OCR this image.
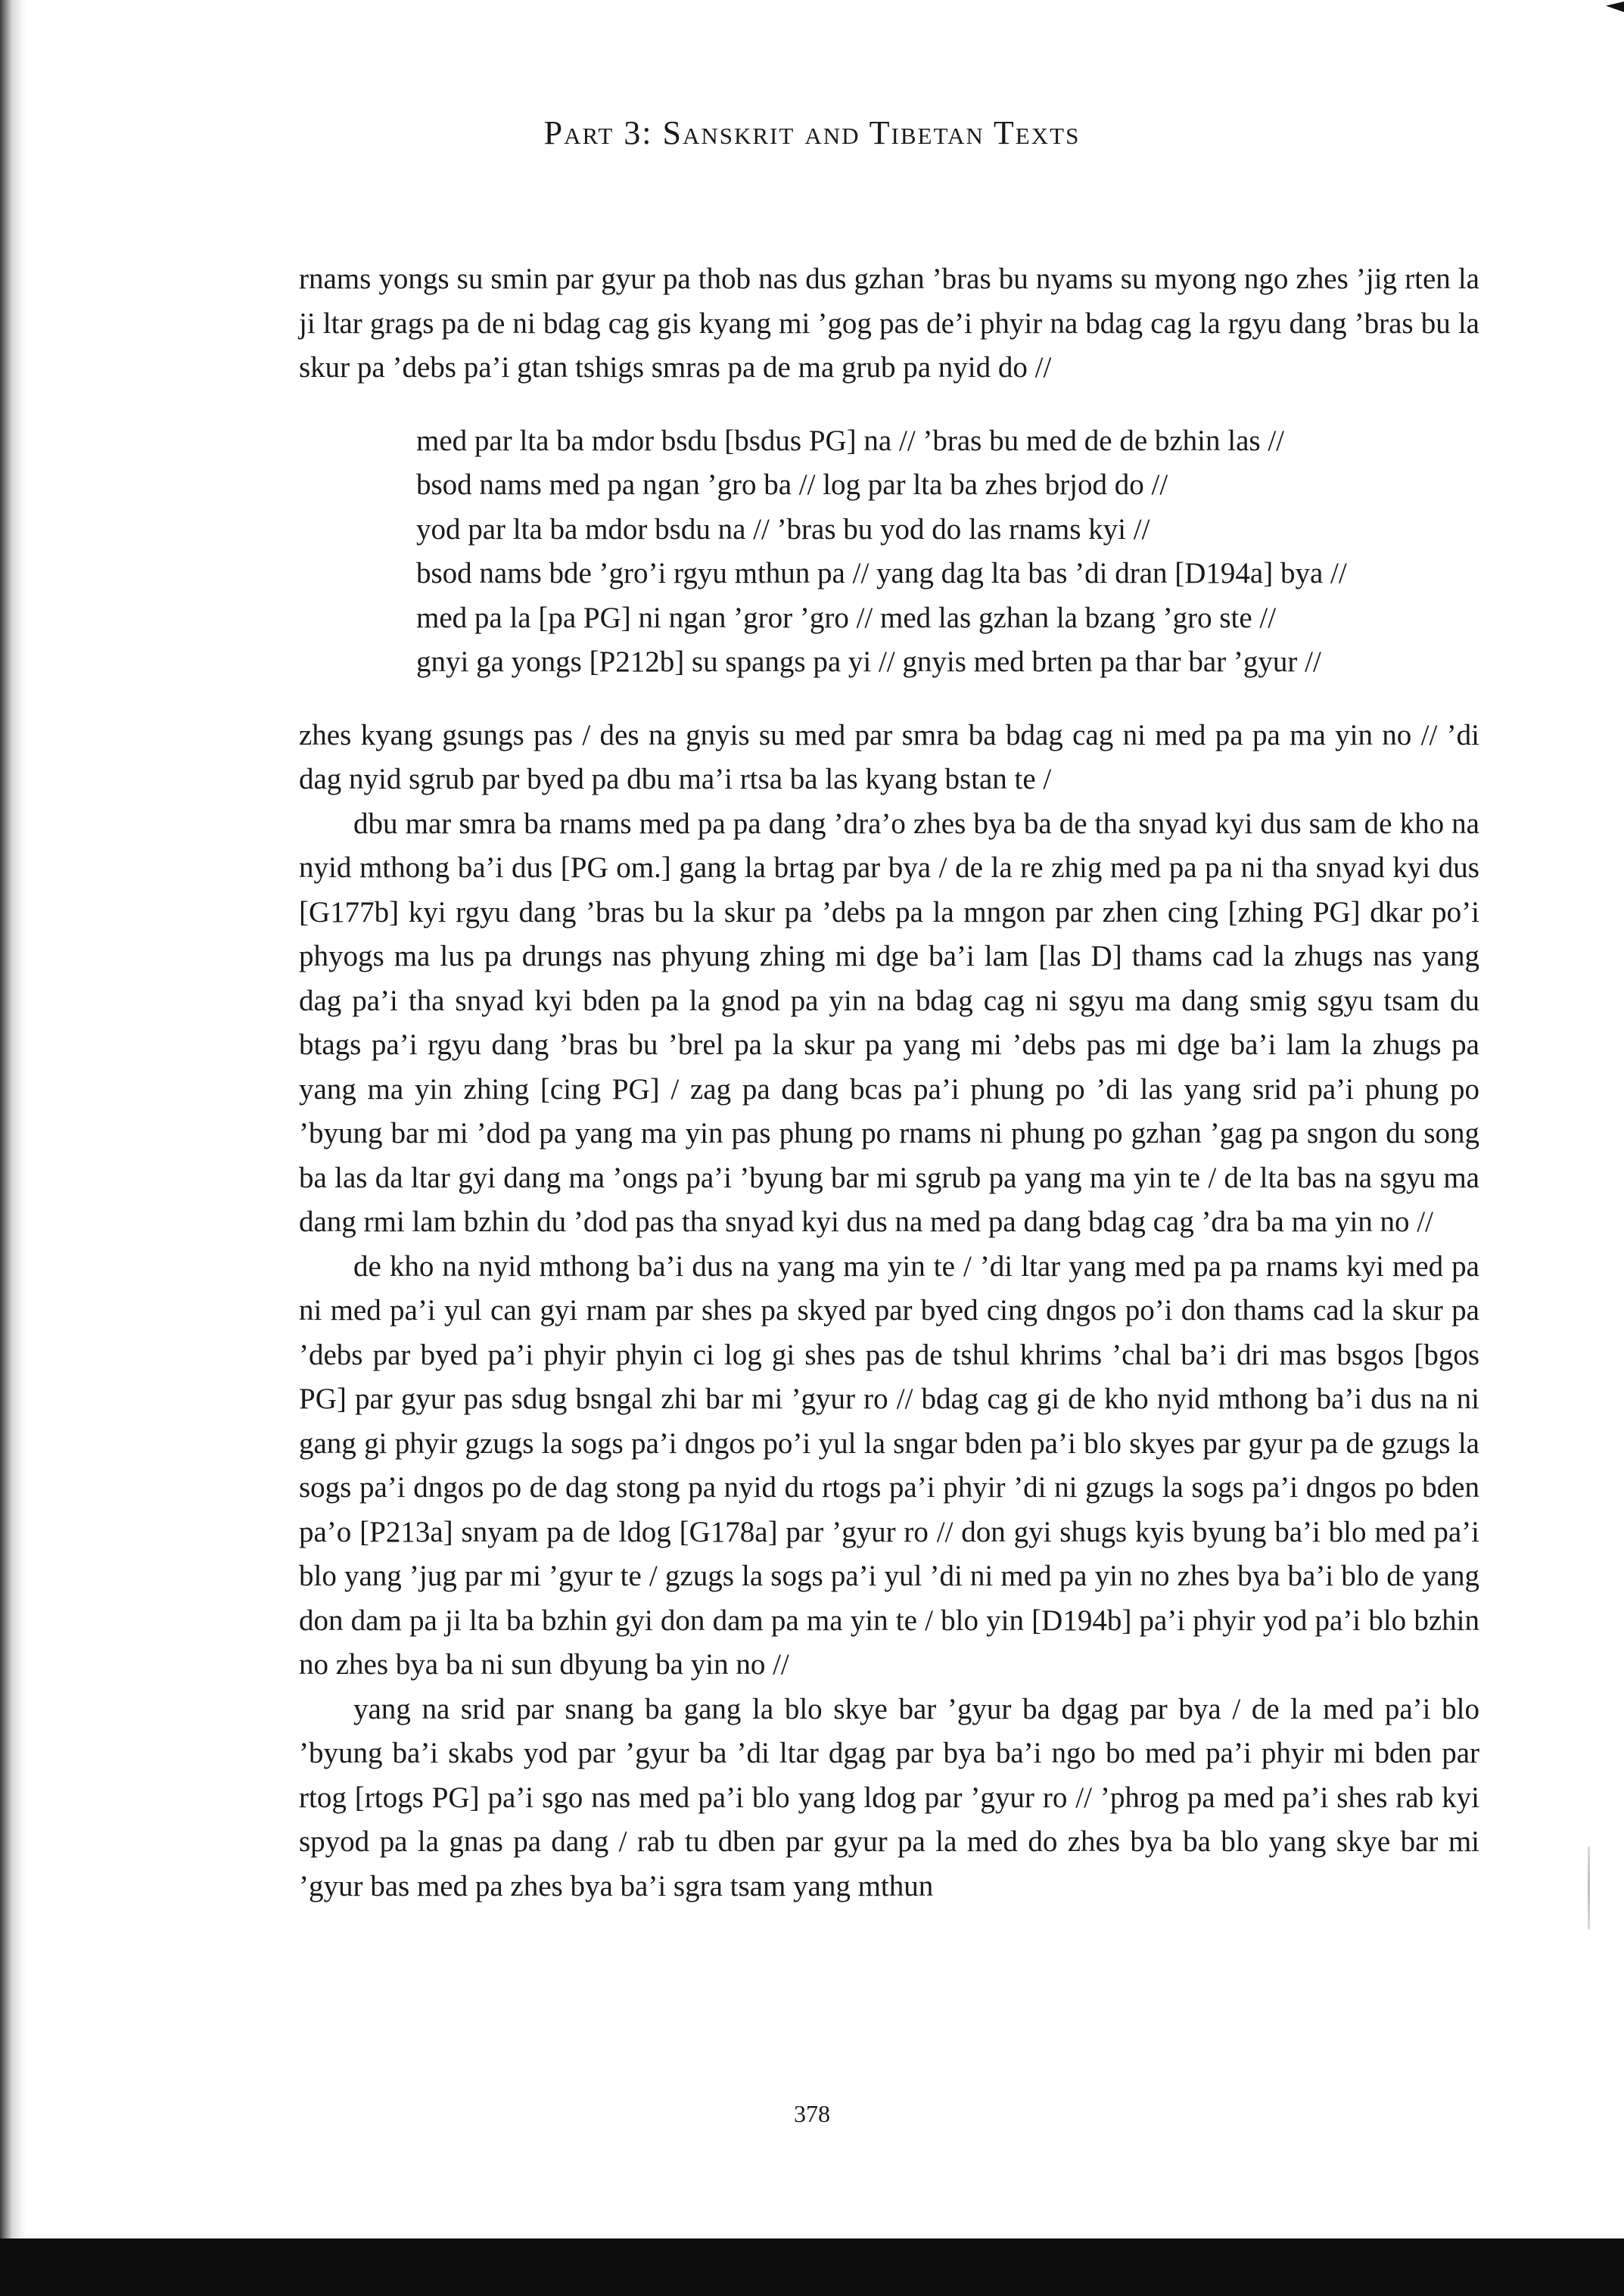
Part 3: Sanskrit and Tibetan Texts

rnams yongs su smin par gyur pa thob nas dus gzhan ’bras bu nyams su myong ngo zhes ’jig rten la ji ltar grags pa de ni bdag cag gis kyang mi ’gog pas de’i phyir na bdag cag la rgyu dang ’bras bu la skur pa ’debs pa’i gtan tshigs smras pa de ma grub pa nyid do //

med par lta ba mdor bsdu [bsdus PG] na // ’bras bu med de de bzhin las //
bsod nams med pa ngan ’gro ba // log par lta ba zhes brjod do //
yod par lta ba mdor bsdu na // ’bras bu yod do las rnams kyi //
bsod nams bde ’gro’i rgyu mthun pa // yang dag lta bas ’di dran [D194a] bya //
med pa la [pa PG] ni ngan ’gror ’gro // med las gzhan la bzang ’gro ste //
gnyi ga yongs [P212b] su spangs pa yi // gnyis med brten pa thar bar ’gyur //

zhes kyang gsungs pas / des na gnyis su med par smra ba bdag cag ni med pa pa ma yin no // ’di dag nyid sgrub par byed pa dbu ma’i rtsa ba las kyang bstan te /

dbu mar smra ba rnams med pa pa dang ’dra’o zhes bya ba de tha snyad kyi dus sam de kho na nyid mthong ba’i dus [PG om.] gang la brtag par bya / de la re zhig med pa pa ni tha snyad kyi dus [G177b] kyi rgyu dang ’bras bu la skur pa ’debs pa la mngon par zhen cing [zhing PG] dkar po’i phyogs ma lus pa drungs nas phyung zhing mi dge ba’i lam [las D] thams cad la zhugs nas yang dag pa’i tha snyad kyi bden pa la gnod pa yin na bdag cag ni sgyu ma dang smig sgyu tsam du btags pa’i rgyu dang ’bras bu ’brel pa la skur pa yang mi ’debs pas mi dge ba’i lam la zhugs pa yang ma yin zhing [cing PG] / zag pa dang bcas pa’i phung po ’di las yang srid pa’i phung po ’byung bar mi ’dod pa yang ma yin pas phung po rnams ni phung po gzhan ’gag pa sngon du song ba las da ltar gyi dang ma ’ongs pa’i ’byung bar mi sgrub pa yang ma yin te / de lta bas na sgyu ma dang rmi lam bzhin du ’dod pas tha snyad kyi dus na med pa dang bdag cag ’dra ba ma yin no //

de kho na nyid mthong ba’i dus na yang ma yin te / ’di ltar yang med pa pa rnams kyi med pa ni med pa’i yul can gyi rnam par shes pa skyed par byed cing dngos po’i don thams cad la skur pa ’debs par byed pa’i phyir phyin ci log gi shes pas de tshul khrims ’chal ba’i dri mas bsgos [bgos PG] par gyur pas sdug bsngal zhi bar mi ’gyur ro // bdag cag gi de kho nyid mthong ba’i dus na ni gang gi phyir gzugs la sogs pa’i dngos po’i yul la sngar bden pa’i blo skyes par gyur pa de gzugs la sogs pa’i dngos po de dag stong pa nyid du rtogs pa’i phyir ’di ni gzugs la sogs pa’i dngos po bden pa’o [P213a] snyam pa de ldog [G178a] par ’gyur ro // don gyi shugs kyis byung ba’i blo med pa’i blo yang ’jug par mi ’gyur te / gzugs la sogs pa’i yul ’di ni med pa yin no zhes bya ba’i blo de yang don dam pa ji lta ba bzhin gyi don dam pa ma yin te / blo yin [D194b] pa’i phyir yod pa’i blo bzhin no zhes bya ba ni sun dbyung ba yin no //

yang na srid par snang ba gang la blo skye bar ’gyur ba dgag par bya / de la med pa’i blo ’byung ba’i skabs yod par ’gyur ba ’di ltar dgag par bya ba’i ngo bo med pa’i phyir mi bden par rtog [rtogs PG] pa’i sgo nas med pa’i blo yang ldog par ’gyur ro // ’phrog pa med pa’i shes rab kyi spyod pa la gnas pa dang / rab tu dben par gyur pa la med do zhes bya ba blo yang skye bar mi ’gyur bas med pa zhes bya ba’i sgra tsam yang mthun

378
